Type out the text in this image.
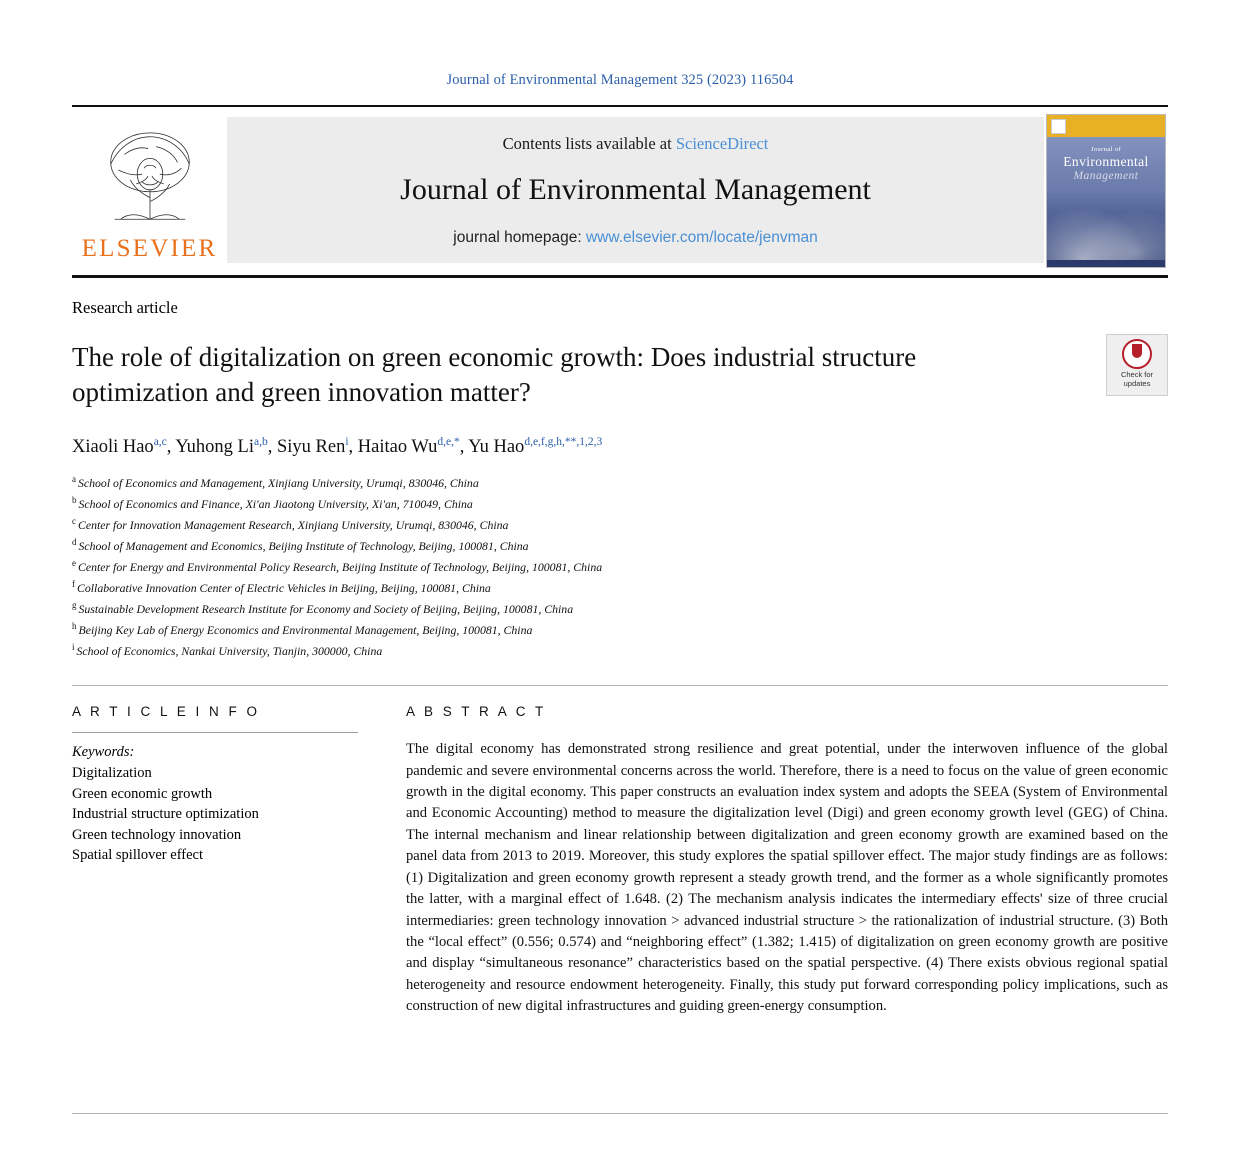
Journal of Environmental Management 325 (2023) 116504
ELSEVIER
Contents lists available at ScienceDirect
Journal of Environmental Management
journal homepage: www.elsevier.com/locate/jenvman
Journal of
Environmental
Management
Research article
The role of digitalization on green economic growth: Does industrial structure optimization and green innovation matter?
Check for
updates
Xiaoli Hao$^{a,c}$, Yuhong Li$^{a,b}$, Siyu Ren$^i$, Haitao $Wu^{d,e,*}$, Yu Hao$^{d,e,f,g,h,**,1,2,3}$
$^a$ School of Economics and Management, Xinjiang University, Urumqi, 830046, China
$^b$ School of Economics and Finance, Xi'an Jiaotong University, Xi'an, 710049, China
$^c$ Center for Innovation Management Research, Xinjiang University, Urumqi, 830046, China
$^d$ School of Management and Economics, Beijing Institute of Technology, Beijing, 100081, China
$^e$ Center for Energy and Environmental Policy Research, Beijing Institute of Technology, Beijing, 100081, China
$^f$ Collaborative Innovation Center of Electric Vehicles in Beijing, Beijing, 100081, China
$^g$ Sustainable Development Research Institute for Economy and Society of Beijing, Beijing, 100081, China
$^h$ Beijing Key Lab of Energy Economics and Environmental Management, Beijing, 100081, China
$^i$ School of Economics, Nankai University, Tianjin, 300000, China
A R T I C L E I N F O
Keywords:
Digitalization
Green economic growth
Industrial structure optimization
Green technology innovation
Spatial spillover effect
A B S T R A C T

The digital economy has demonstrated strong resilience and great potential, under the interwoven influence of the global pandemic and severe environmental concerns across the world. Therefore, there is a need to focus on the value of green economic growth in the digital economy. This paper constructs an evaluation index system and adopts the SEEA (System of Environmental and Economic Accounting) method to measure the digitalization level (Digi) and green economy growth level (GEG) of China. The internal mechanism and linear relationship between digitalization and green economy growth are examined based on the panel data from 2013 to 2019. Moreover, this study explores the spatial spillover effect. The major study findings are as follows: (1) Digitalization and green economy growth represent a steady growth trend, and the former as a whole significantly promotes the latter, with a marginal effect of 1.648. (2) The mechanism analysis indicates the intermediary effects' size of three crucial intermediaries: green technology innovation > advanced industrial structure > the rationalization of industrial structure. (3) Both the “local effect” (0.556; 0.574) and “neighboring effect” (1.382; 1.415) of digitalization on green economy growth are positive and display “simultaneous resonance” characteristics based on the spatial perspective. (4) There exists obvious regional spatial heterogeneity and resource endowment heterogeneity. Finally, this study put forward corresponding policy implications, such as construction of new digital infrastructures and guiding green-energy consumption.
